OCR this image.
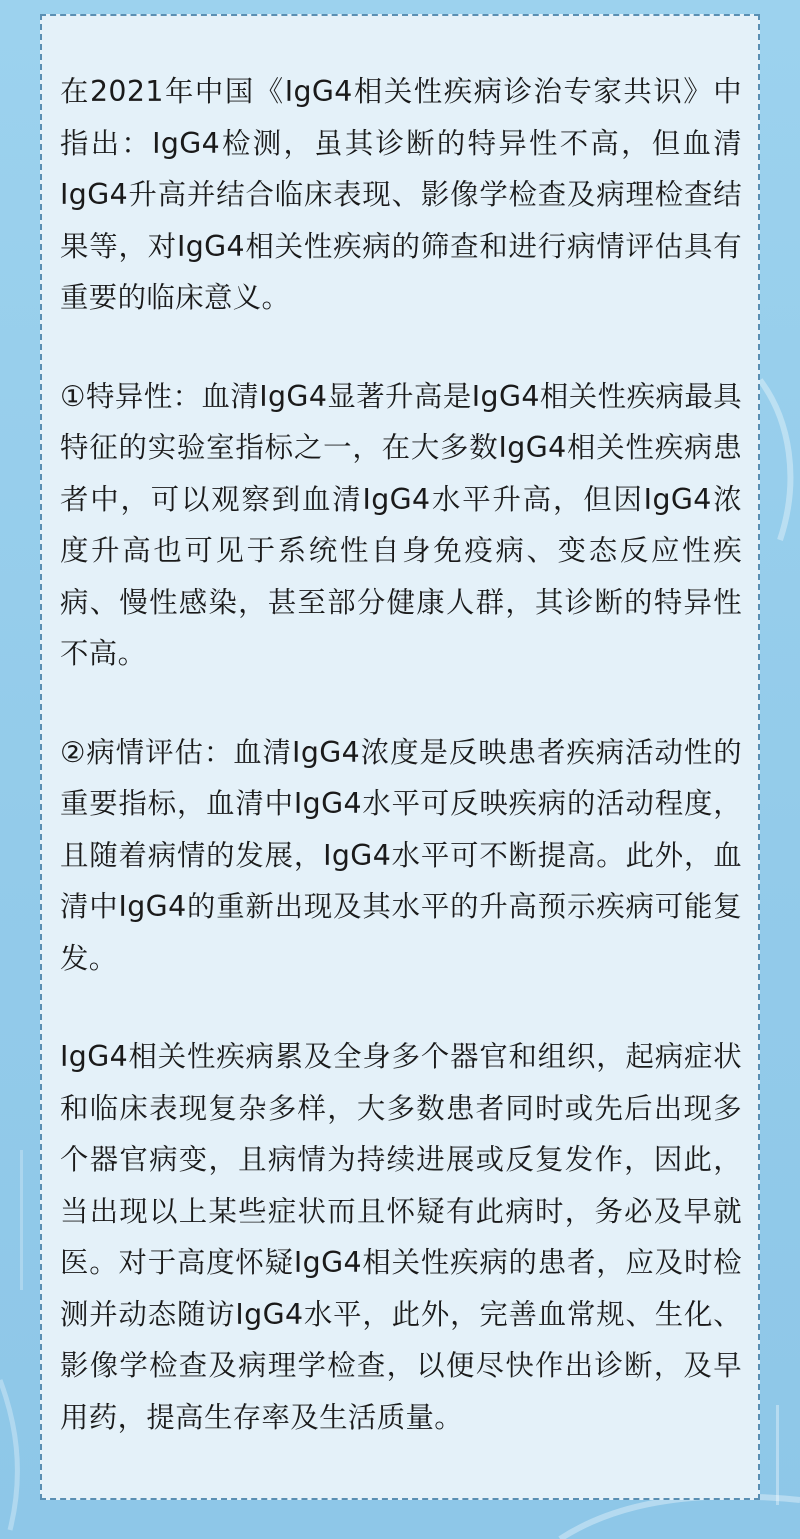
在2021年中国《IgG4相关性疾病诊治专家共识》中指出：IgG4检测，虽其诊断的特异性不高，但血清IgG4升高并结合临床表现、影像学检查及病理检查结果等，对IgG4相关性疾病的筛查和进行病情评估具有重要的临床意义。

①特异性：血清IgG4显著升高是IgG4相关性疾病最具特征的实验室指标之一，在大多数IgG4相关性疾病患者中，可以观察到血清IgG4水平升高，但因IgG4浓度升高也可见于系统性自身免疫病、变态反应性疾病、慢性感染，甚至部分健康人群，其诊断的特异性不高。

②病情评估：血清IgG4浓度是反映患者疾病活动性的重要指标，血清中IgG4水平可反映疾病的活动程度，且随着病情的发展，IgG4水平可不断提高。此外，血清中IgG4的重新出现及其水平的升高预示疾病可能复发。

IgG4相关性疾病累及全身多个器官和组织，起病症状和临床表现复杂多样，大多数患者同时或先后出现多个器官病变，且病情为持续进展或反复发作，因此，当出现以上某些症状而且怀疑有此病时，务必及早就医。对于高度怀疑IgG4相关性疾病的患者，应及时检测并动态随访IgG4水平，此外，完善血常规、生化、影像学检查及病理学检查，以便尽快作出诊断，及早用药，提高生存率及生活质量。
